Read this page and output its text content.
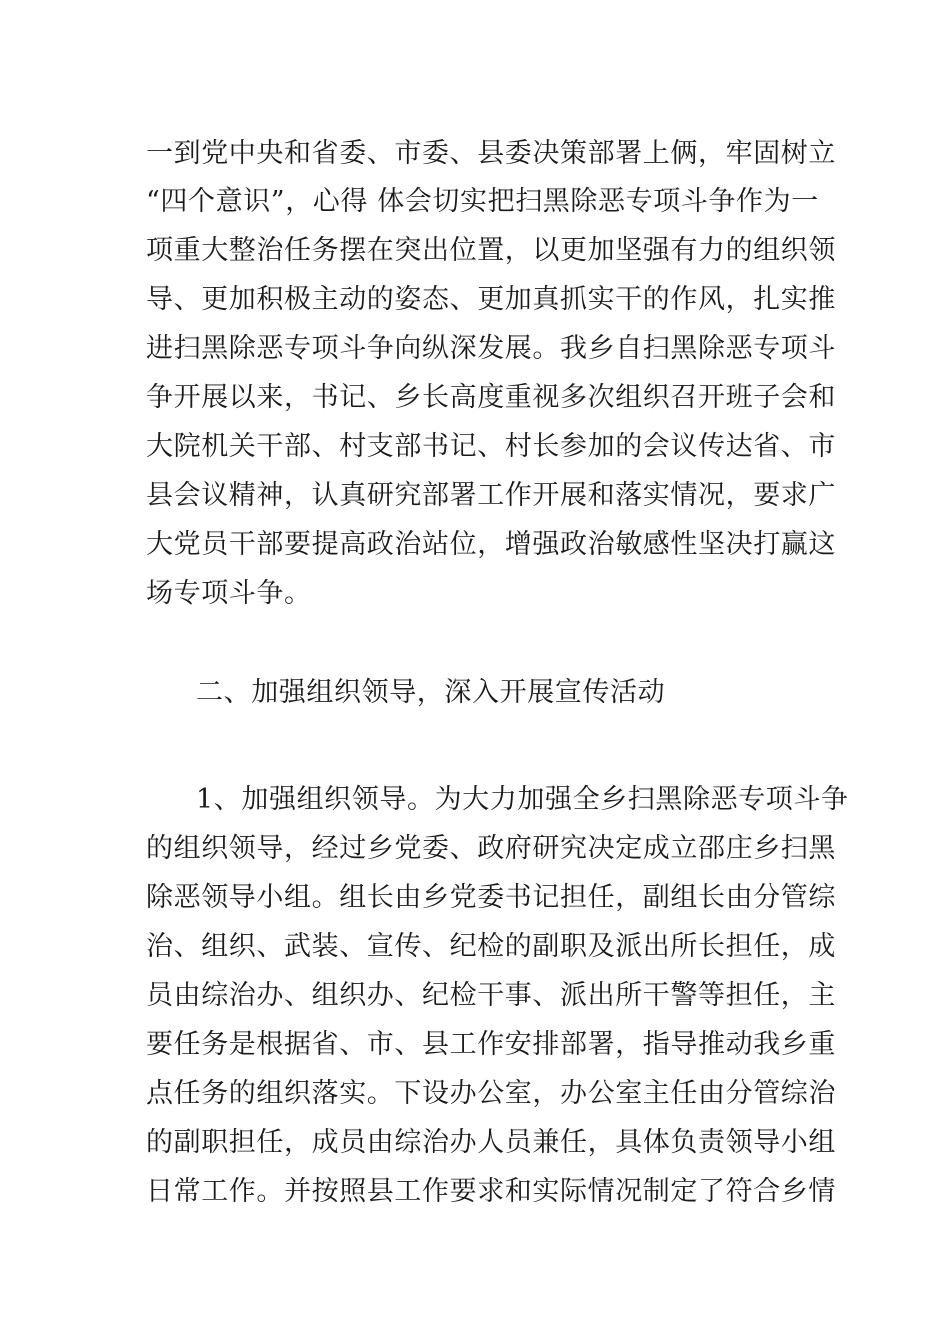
一到党中央和省委、市委、县委决策部署上俩，牢固树立
“四个意识”，心得 体会切实把扫黑除恶专项斗争作为一
项重大整治任务摆在突出位置，以更加坚强有力的组织领
导、更加积极主动的姿态、更加真抓实干的作风，扎实推
进扫黑除恶专项斗争向纵深发展。我乡自扫黑除恶专项斗
争开展以来，书记、乡长高度重视多次组织召开班子会和
大院机关干部、村支部书记、村长参加的会议传达省、市
县会议精神，认真研究部署工作开展和落实情况，要求广
大党员干部要提高政治站位，增强政治敏感性坚决打赢这
场专项斗争。
二、加强组织领导，深入开展宣传活动
1、加强组织领导。为大力加强全乡扫黑除恶专项斗争
的组织领导，经过乡党委、政府研究决定成立邵庄乡扫黑
除恶领导小组。组长由乡党委书记担任，副组长由分管综
治、组织、武装、宣传、纪检的副职及派出所长担任，成
员由综治办、组织办、纪检干事、派出所干警等担任，主
要任务是根据省、市、县工作安排部署，指导推动我乡重
点任务的组织落实。下设办公室，办公室主任由分管综治
的副职担任，成员由综治办人员兼任，具体负责领导小组
日常工作。并按照县工作要求和实际情况制定了符合乡情
